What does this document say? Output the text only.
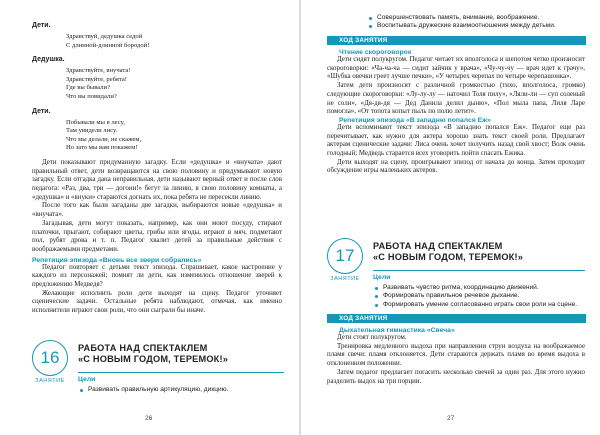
Дети.
Здравствуй, дедушка седой
С длинной-длинной бородой!
Дедушка.
Здравствуйте, внучата!
Здравствуйте, ребята!
Где вы бывали?
Что вы повидали?
Дети.
Побывали мы в лесу,
Там увидели лису.
Что мы делали, не скажем,
Но зато мы вам покажем!

Дети показывают придуманную загадку. Если «дедушка» и «внучата» дают правильный ответ, дети возвращаются на свою половину и придумывают новую загадку. Если отгадка дана неправильная, дети называют верный ответ и после слов педагога: «Раз, два, три — догони!» бегут за линию, в свою половину комнаты, а «дедушка» и «внуки» стараются догнать их, пока ребята не пересекли линию.

После того как были загаданы две загадки, выбираются новые «дедушка» и «внучата».

Загадывая, дети могут показать, например, как они моют посуду, стирают платочки, прыгают, собирают цветы, грибы или ягоды, играют в мяч, подметают пол, рубят дрова и т. п. Педагог хвалит детей за правильные действия с воображаемыми предметами.

Репетиция эпизода «Вновь все звери собрались»

Педагог повторяет с детьми текст эпизода. Спрашивает, какое настроение у каждого из персонажей; помнят ли дети, как изменилось отношение зверей к предложению Медведя?

Желающие исполнить роли дети выходят на сцену. Педагог уточняет сценические задачи. Остальные ребята наблюдают, отмечая, как именно исполнители играют свои роли, что они сыграли бы иначе.

16
ЗАНЯТИЕ
РАБОТА НАД СПЕКТАКЛЕМ
«С НОВЫМ ГОДОМ, ТЕРЕМОК!»
Цели
Развивать правильную артикуляцию, дикцию.
26
Совершенствовать память, внимание, воображение.
Воспитывать дружеские взаимоотношения между детьми.
ХОД ЗАНЯТИЯ
Чтение скороговорок

Дети сидят полукругом. Педагог читает их вполголоса и шепотом четко произносит скороговорки: «Ча-ча-ча — сидит зайчик у врача», «Чу-чу-чу — врач идет к грачу», «Шубка овечки греет лучше печки», «У четырех черепах по четыре черепашонка».

Затем дети произносят с различной громкостью (тихо, вполголоса, громко) следующие скороговорки: «Лу-лу-лу — наточил Толя пилу», «Ляли-ли — суп соленый не соли», «Дя-дя-дя — Дед Данила делил дыню», «Пол мыла папа, Лиля Ларе помогла», «От топота копыт пыль по полю летит».

Репетиция эпизода «В западню попался Еж»

Дети вспоминают текст эпизода «В западню попался Еж». Педагог еще раз перечитывает, как нужно для актера хорошо знать текст своей роли. Предлагает актерам сценические задачи: Лиса очень хочет получить назад свой хвост; Волк очень голодный; Медведь старается всех уговорить пойти спасать Ежика.

Дети выходят на сцену, проигрывают эпизод от начала до конца. Затем проходит обсуждение игры маленьких актеров.

17
ЗАНЯТИЕ
РАБОТА НАД СПЕКТАКЛЕМ
«С НОВЫМ ГОДОМ, ТЕРЕМОК!»
Цели
Развивать чувство ритма, координацию движений.
Формировать правильное речевое дыхание.
Формировать умение согласованно играть свои роли на сцене.
ХОД ЗАНЯТИЯ
Дыхательная гимнастика «Свеча»

Дети стоят полукругом.

Тренировка медленного выдоха при направлении струи воздуха на воображаемое пламя свечи: пламя отклоняется. Дети стараются держать пламя во время выдоха в отклоненном положении.

Затем педагог предлагает погасить несколько свечей за один раз. Для этого нужно разделить выдох на три порции.

27
